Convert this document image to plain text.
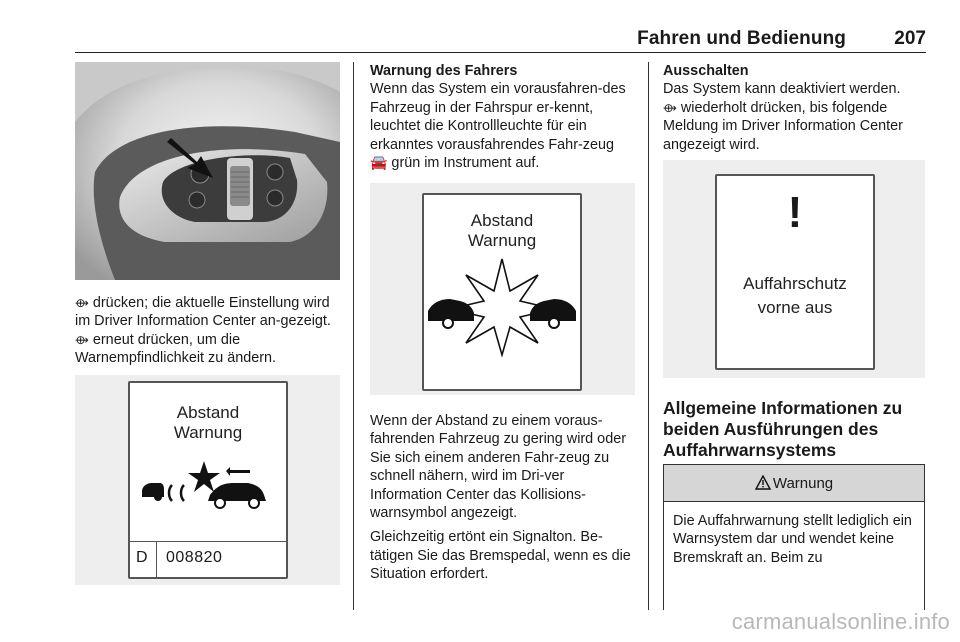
Fahren und Bedienung	207
⟴ drücken; die aktuelle Einstellung wird im Driver Information Center an-gezeigt. ⟴ erneut drücken, um die Warnempfindlichkeit zu ändern.
Abstand
Warnung
D 008820
Warnung des Fahrers
Wenn das System ein vorausfahren-des Fahrzeug in der Fahrspur er-kennt, leuchtet die Kontrollleuchte für ein erkanntes vorausfahrendes Fahr-zeug 🚘 grün im Instrument auf.
Abstand
Warnung
Wenn der Abstand zu einem voraus-fahrenden Fahrzeug zu gering wird oder Sie sich einem anderen Fahr-zeug zu schnell nähern, wird im Dri-ver Information Center das Kollisions-warnsymbol angezeigt.
Gleichzeitig ertönt ein Signalton. Be-tätigen Sie das Bremspedal, wenn es die Situation erfordert.
Ausschalten
Das System kann deaktiviert werden.
⟴ wiederholt drücken, bis folgende Meldung im Driver Information Center angezeigt wird.
!
Auffahrschutz
vorne aus
Allgemeine Informationen zu beiden Ausführungen des Auffahrwarnsystems
Warnung
Die Auffahrwarnung stellt lediglich ein Warnsystem dar und wendet keine Bremskraft an. Beim zu
carmanualsonline.info
